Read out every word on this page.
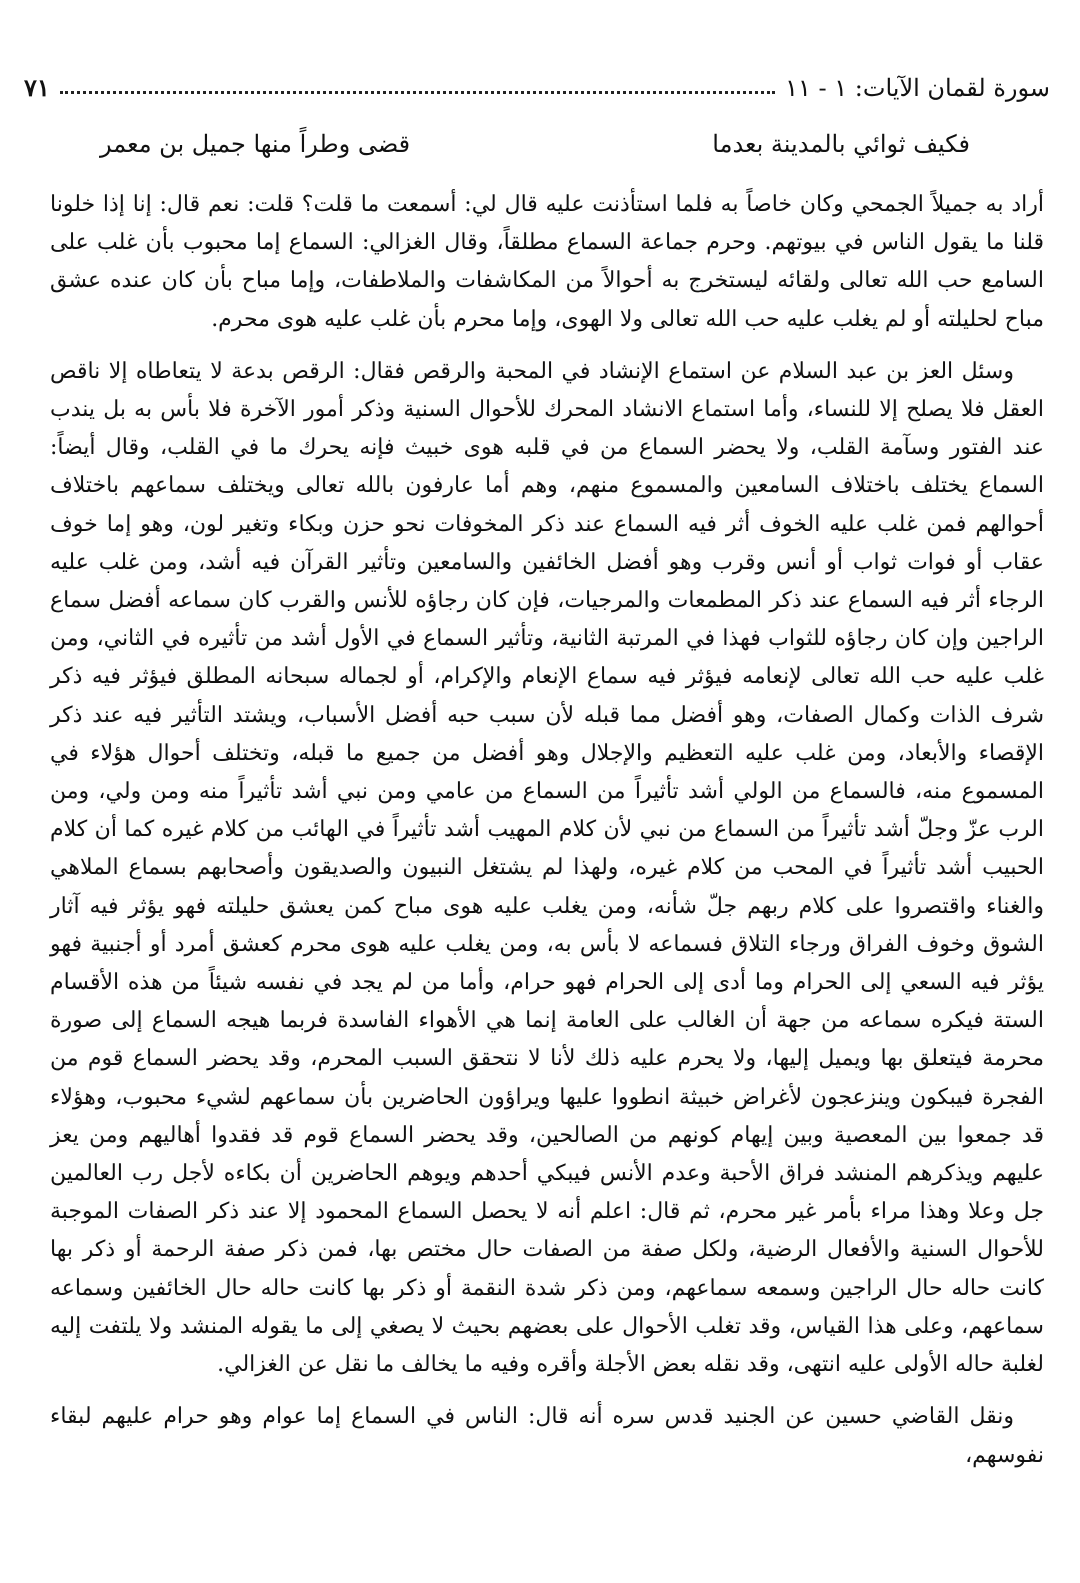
سورة لقمان الآيات: ١ - ١١
٧١
فكيف ثوائي بالمدينة بعدما
قضى وطراً منها جميل بن معمر

أراد به جميلاً الجمحي وكان خاصاً به فلما استأذنت عليه قال لي: أسمعت ما قلت؟ قلت: نعم قال: إنا إذا خلونا قلنا ما يقول الناس في بيوتهم. وحرم جماعة السماع مطلقاً، وقال الغزالي: السماع إما محبوب بأن غلب على السامع حب الله تعالى ولقائه ليستخرج به أحوالاً من المكاشفات والملاطفات، وإما مباح بأن كان عنده عشق مباح لحليلته أو لم يغلب عليه حب الله تعالى ولا الهوى، وإما محرم بأن غلب عليه هوى محرم.

وسئل العز بن عبد السلام عن استماع الإنشاد في المحبة والرقص فقال: الرقص بدعة لا يتعاطاه إلا ناقص العقل فلا يصلح إلا للنساء، وأما استماع الانشاد المحرك للأحوال السنية وذكر أمور الآخرة فلا بأس به بل يندب عند الفتور وسآمة القلب، ولا يحضر السماع من في قلبه هوى خبيث فإنه يحرك ما في القلب، وقال أيضاً: السماع يختلف باختلاف السامعين والمسموع منهم، وهم أما عارفون بالله تعالى ويختلف سماعهم باختلاف أحوالهم فمن غلب عليه الخوف أثر فيه السماع عند ذكر المخوفات نحو حزن وبكاء وتغير لون، وهو إما خوف عقاب أو فوات ثواب أو أنس وقرب وهو أفضل الخائفين والسامعين وتأثير القرآن فيه أشد، ومن غلب عليه الرجاء أثر فيه السماع عند ذكر المطمعات والمرجيات، فإن كان رجاؤه للأنس والقرب كان سماعه أفضل سماع الراجين وإن كان رجاؤه للثواب فهذا في المرتبة الثانية، وتأثير السماع في الأول أشد من تأثيره في الثاني، ومن غلب عليه حب الله تعالى لإنعامه فيؤثر فيه سماع الإنعام والإكرام، أو لجماله سبحانه المطلق فيؤثر فيه ذكر شرف الذات وكمال الصفات، وهو أفضل مما قبله لأن سبب حبه أفضل الأسباب، ويشتد التأثير فيه عند ذكر الإقصاء والأبعاد، ومن غلب عليه التعظيم والإجلال وهو أفضل من جميع ما قبله، وتختلف أحوال هؤلاء في المسموع منه، فالسماع من الولي أشد تأثيراً من السماع من عامي ومن نبي أشد تأثيراً منه ومن ولي، ومن الرب عزّ وجلّ أشد تأثيراً من السماع من نبي لأن كلام المهيب أشد تأثيراً في الهائب من كلام غيره كما أن كلام الحبيب أشد تأثيراً في المحب من كلام غيره، ولهذا لم يشتغل النبيون والصديقون وأصحابهم بسماع الملاهي والغناء واقتصروا على كلام ربهم جلّ شأنه، ومن يغلب عليه هوى مباح كمن يعشق حليلته فهو يؤثر فيه آثار الشوق وخوف الفراق ورجاء التلاق فسماعه لا بأس به، ومن يغلب عليه هوى محرم كعشق أمرد أو أجنبية فهو يؤثر فيه السعي إلى الحرام وما أدى إلى الحرام فهو حرام، وأما من لم يجد في نفسه شيئاً من هذه الأقسام الستة فيكره سماعه من جهة أن الغالب على العامة إنما هي الأهواء الفاسدة فربما هيجه السماع إلى صورة محرمة فيتعلق بها ويميل إليها، ولا يحرم عليه ذلك لأنا لا نتحقق السبب المحرم، وقد يحضر السماع قوم من الفجرة فيبكون وينزعجون لأغراض خبيثة انطووا عليها ويراؤون الحاضرين بأن سماعهم لشيء محبوب، وهؤلاء قد جمعوا بين المعصية وبين إيهام كونهم من الصالحين، وقد يحضر السماع قوم قد فقدوا أهاليهم ومن يعز عليهم ويذكرهم المنشد فراق الأحبة وعدم الأنس فيبكي أحدهم ويوهم الحاضرين أن بكاءه لأجل رب العالمين جل وعلا وهذا مراء بأمر غير محرم، ثم قال: اعلم أنه لا يحصل السماع المحمود إلا عند ذكر الصفات الموجبة للأحوال السنية والأفعال الرضية، ولكل صفة من الصفات حال مختص بها، فمن ذكر صفة الرحمة أو ذكر بها كانت حاله حال الراجين وسمعه سماعهم، ومن ذكر شدة النقمة أو ذكر بها كانت حاله حال الخائفين وسماعه سماعهم، وعلى هذا القياس، وقد تغلب الأحوال على بعضهم بحيث لا يصغي إلى ما يقوله المنشد ولا يلتفت إليه لغلبة حاله الأولى عليه انتهى، وقد نقله بعض الأجلة وأقره وفيه ما يخالف ما نقل عن الغزالي.

ونقل القاضي حسين عن الجنيد قدس سره أنه قال: الناس في السماع إما عوام وهو حرام عليهم لبقاء نفوسهم،
